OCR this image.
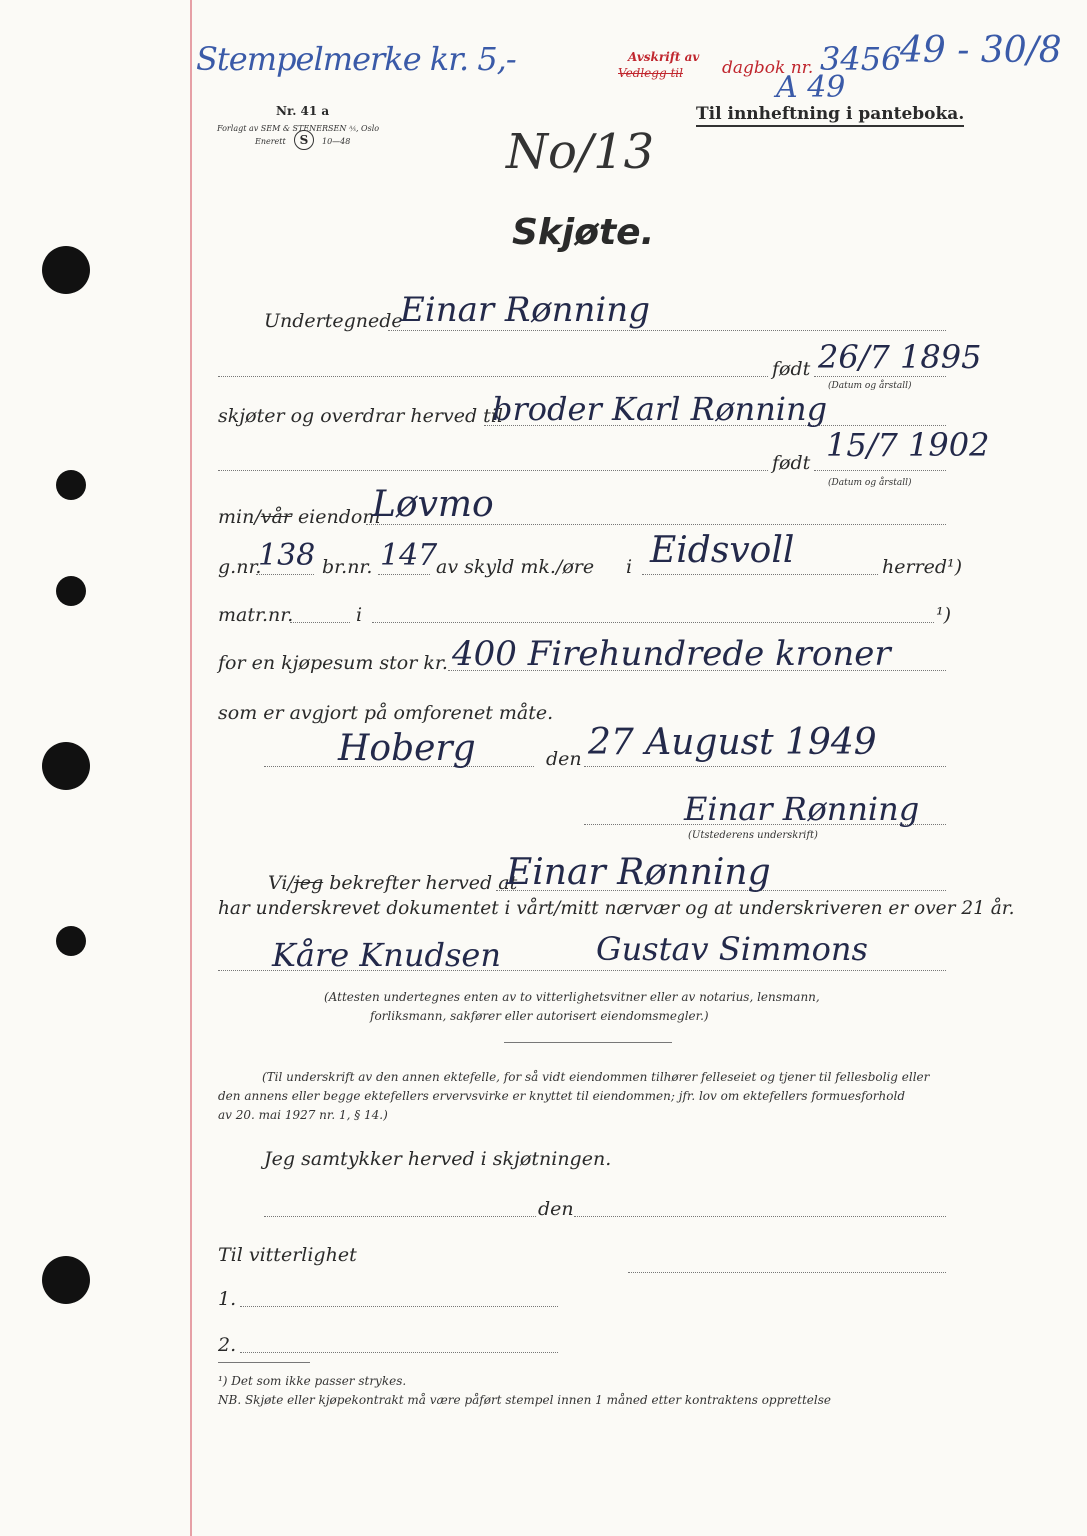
Stempelmerke kr. 5,-	Avskrift av
Vedlegg til dagbok nr. 3456
49 - 30/8
A 49
Til innheftning i panteboka.
Nr. 41 a
Forlagt av SEM & STENERSEN ⅍, Oslo
Enerett	S	10—48	No/13
Skjøte.
Undertegnede
Einar Rønning
født 26/7 1895
(Datum og årstall)
skjøter og overdrar herved til
broder Karl Rønning
født 15/7 1902
(Datum og årstall)
min/vår eiendom
Løvmo
g.nr.
138 br.nr. 147
av skyld mk./øre i Eidsvoll	herred¹)
matr.nr.	i	¹)
for en kjøpesum stor kr. 400 Firehundrede kroner
som er avgjort på omforenet måte.
Hoberg	den 27 August 1949
Einar Rønning
(Utstederens underskrift)
Vi/jeg bekrefter herved at
Einar Rønning
har underskrevet dokumentet i vårt/mitt nærvær og at underskriveren er over 21 år.
Kåre Knudsen	Gustav Simmons
(Attesten undertegnes enten av to vitterlighetsvitner eller av notarius, lensmann,
forliksmann, sakfører eller autorisert eiendomsmegler.)
(Til underskrift av den annen ektefelle, for så vidt eiendommen tilhører felleseiet og tjener til fellesbolig eller
den annens eller begge ektefellers ervervsvirke er knyttet til eiendommen; jfr. lov om ektefellers formuesforhold
av 20. mai 1927 nr. 1, § 14.)
Jeg samtykker herved i skjøtningen.
den
Til vitterlighet
1.
2.
¹) Det som ikke passer strykes.
NB. Skjøte eller kjøpekontrakt må være påført stempel innen 1 måned etter kontraktens opprettelse
